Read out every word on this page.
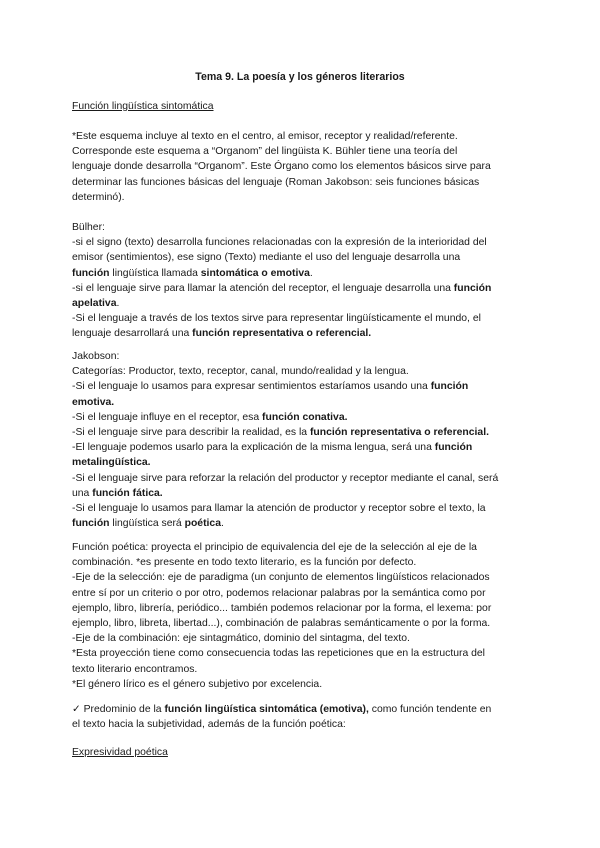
Tema 9. La poesía y los géneros literarios
Función lingüística sintomática
*Este esquema incluye al texto en el centro, al emisor, receptor y realidad/referente.
Corresponde este esquema a “Organom” del lingüista K. Bühler tiene una teoría del
lenguaje donde desarrolla “Organom”. Este Órgano como los elementos básicos sirve para
determinar las funciones básicas del lenguaje (Roman Jakobson: seis funciones básicas
determinó).
Bülher:
-si el signo (texto) desarrolla funciones relacionadas con la expresión de la interioridad del
emisor (sentimientos), ese signo (Texto) mediante el uso del lenguaje desarrolla una
función lingüística llamada sintomática o emotiva.
-si el lenguaje sirve para llamar la atención del receptor, el lenguaje desarrolla una función
apelativa.
-Si el lenguaje a través de los textos sirve para representar lingüísticamente el mundo, el
lenguaje desarrollará una función representativa o referencial.
Jakobson:
Categorías: Productor, texto, receptor, canal, mundo/realidad y la lengua.
-Si el lenguaje lo usamos para expresar sentimientos estaríamos usando una función
emotiva.
-Si el lenguaje influye en el receptor, esa función conativa.
-Si el lenguaje sirve para describir la realidad, es la función representativa o referencial.
-El lenguaje podemos usarlo para la explicación de la misma lengua, será una función
metalingüística.
-Si el lenguaje sirve para reforzar la relación del productor y receptor mediante el canal, será
una función fática.
-Si el lenguaje lo usamos para llamar la atención de productor y receptor sobre el texto, la
función lingüística será poética.
Función poética: proyecta el principio de equivalencia del eje de la selección al eje de la
combinación. *es presente en todo texto literario, es la función por defecto.
-Eje de la selección: eje de paradigma (un conjunto de elementos lingüísticos relacionados
entre sí por un criterio o por otro, podemos relacionar palabras por la semántica como por
ejemplo, libro, librería, periódico... también podemos relacionar por la forma, el lexema: por
ejemplo, libro, libreta, libertad...), combinación de palabras semánticamente o por la forma.
-Eje de la combinación: eje sintagmático, dominio del sintagma, del texto.
*Esta proyección tiene como consecuencia todas las repeticiones que en la estructura del
texto literario encontramos.
*El género lírico es el género subjetivo por excelencia.
✓ Predominio de la función lingüística sintomática (emotiva), como función tendente en
el texto hacia la subjetividad, además de la función poética:
Expresividad poética
